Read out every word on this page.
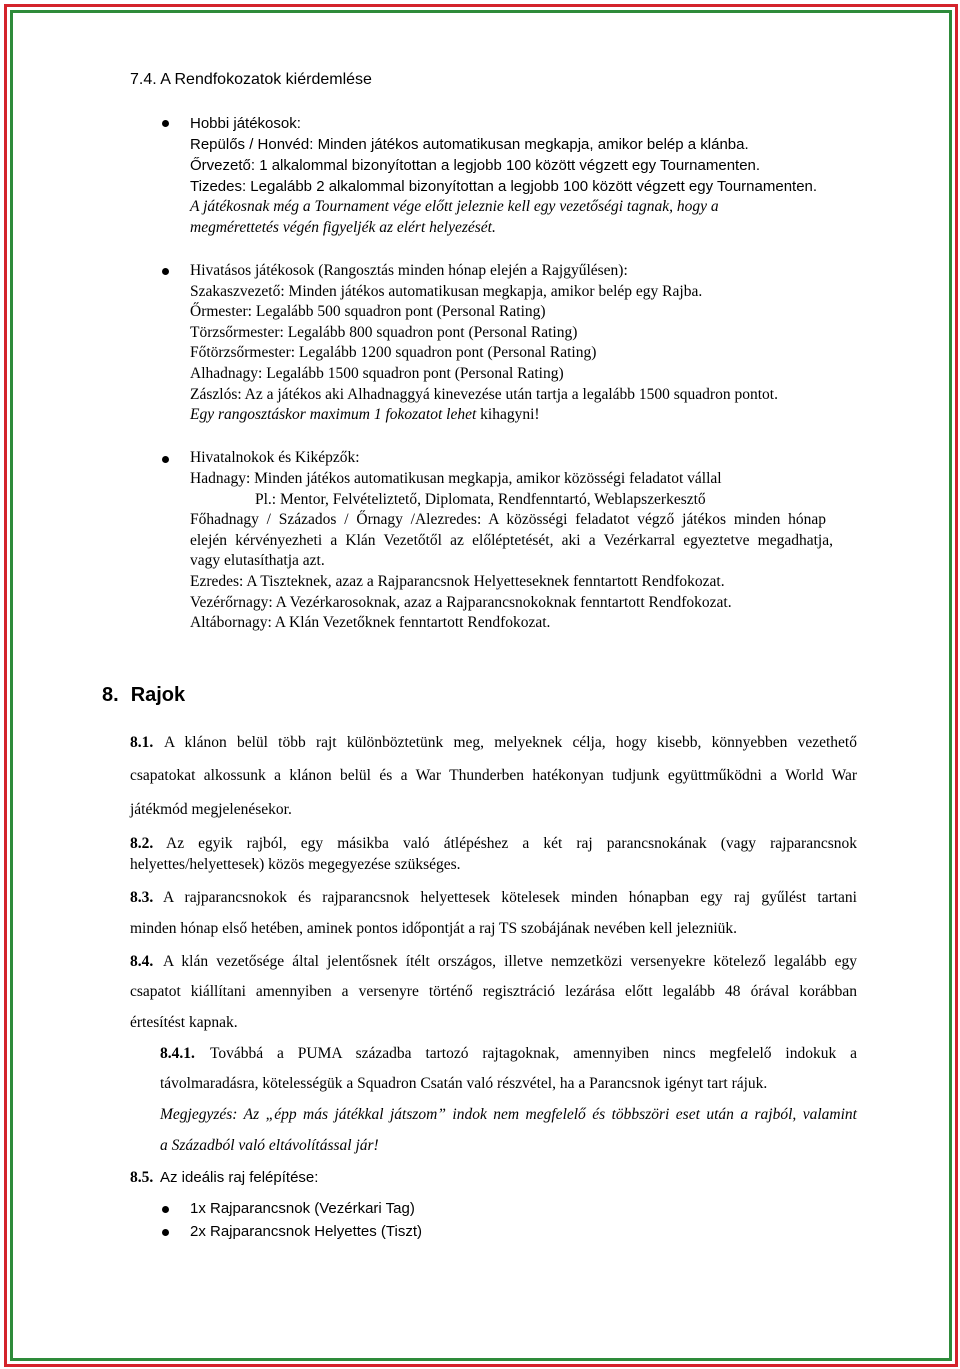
7.4. A Rendfokozatok kiérdemlése
Hobbi játékosok:
Repülős / Honvéd: Minden játékos automatikusan megkapja, amikor belép a klánba.
Őrvezető: 1 alkalommal bizonyítottan a legjobb 100 között végzett egy Tournamenten.
Tizedes: Legalább 2 alkalommal bizonyítottan a legjobb 100 között végzett egy Tournamenten.
A játékosnak még a Tournament vége előtt jeleznie kell egy vezetőségi tagnak, hogy a
megmérettetés végén figyeljék az elért helyezését.
Hivatásos játékosok (Rangosztás minden hónap elején a Rajgyűlésen):
Szakaszvezető: Minden játékos automatikusan megkapja, amikor belép egy Rajba.
Őrmester: Legalább 500 squadron pont (Personal Rating)
Törzsőrmester: Legalább 800 squadron pont (Personal Rating)
Főtörzsőrmester: Legalább 1200 squadron pont (Personal Rating)
Alhadnagy: Legalább 1500 squadron pont (Personal Rating)
Zászlós: Az a játékos aki Alhadnaggyá kinevezése után tartja a legalább 1500 squadron pontot.
Egy rangosztáskor maximum 1 fokozatot lehet kihagyni!
Hivatalnokok és Kiképzők:
Hadnagy: Minden játékos automatikusan megkapja, amikor közösségi feladatot vállal
Pl.: Mentor, Felvételiztető, Diplomata, Rendfenntartó, Weblapszerkesztő
Főhadnagy / Százados / Őrnagy /Alezredes: A közösségi feladatot végző játékos minden hónap
elején kérvényezheti a Klán Vezetőtől az előléptetését, aki a Vezérkarral egyeztetve megadhatja,
vagy elutasíthatja azt.
Ezredes: A Tiszteknek, azaz a Rajparancsnok Helyetteseknek fenntartott Rendfokozat.
Vezérőrnagy: A Vezérkarosoknak, azaz a Rajparancsnokoknak fenntartott Rendfokozat.
Altábornagy: A Klán Vezetőknek fenntartott Rendfokozat.
8. Rajok
8.1. A klánon belül több rajt különböztetünk meg, melyeknek célja, hogy kisebb, könnyebben vezethető
csapatokat alkossunk a klánon belül és a War Thunderben hatékonyan tudjunk együttműködni a World War
játékmód megjelenésekor.
8.2. Az egyik rajból, egy másikba való átlépéshez a két raj parancsnokának (vagy rajparancsnok
helyettes/helyettesek) közös megegyezése szükséges.
8.3. A rajparancsnokok és rajparancsnok helyettesek kötelesek minden hónapban egy raj gyűlést tartani
minden hónap első hetében, aminek pontos időpontját a raj TS szobájának nevében kell jelezniük.
8.4. A klán vezetősége által jelentősnek ítélt országos, illetve nemzetközi versenyekre kötelező legalább egy
csapatot kiállítani amennyiben a versenyre történő regisztráció lezárása előtt legalább 48 órával korábban
értesítést kapnak.
8.4.1. Továbbá a PUMA századba tartozó rajtagoknak, amennyiben nincs megfelelő indokuk a
távolmaradásra, kötelességük a Squadron Csatán való részvétel, ha a Parancsnok igényt tart rájuk.
Megjegyzés: Az „épp más játékkal játszom” indok nem megfelelő és többszöri eset után a rajból, valamint
a Századból való eltávolítással jár!
8.5. Az ideális raj felépítése:
1x Rajparancsnok (Vezérkari Tag)
2x Rajparancsnok Helyettes (Tiszt)
